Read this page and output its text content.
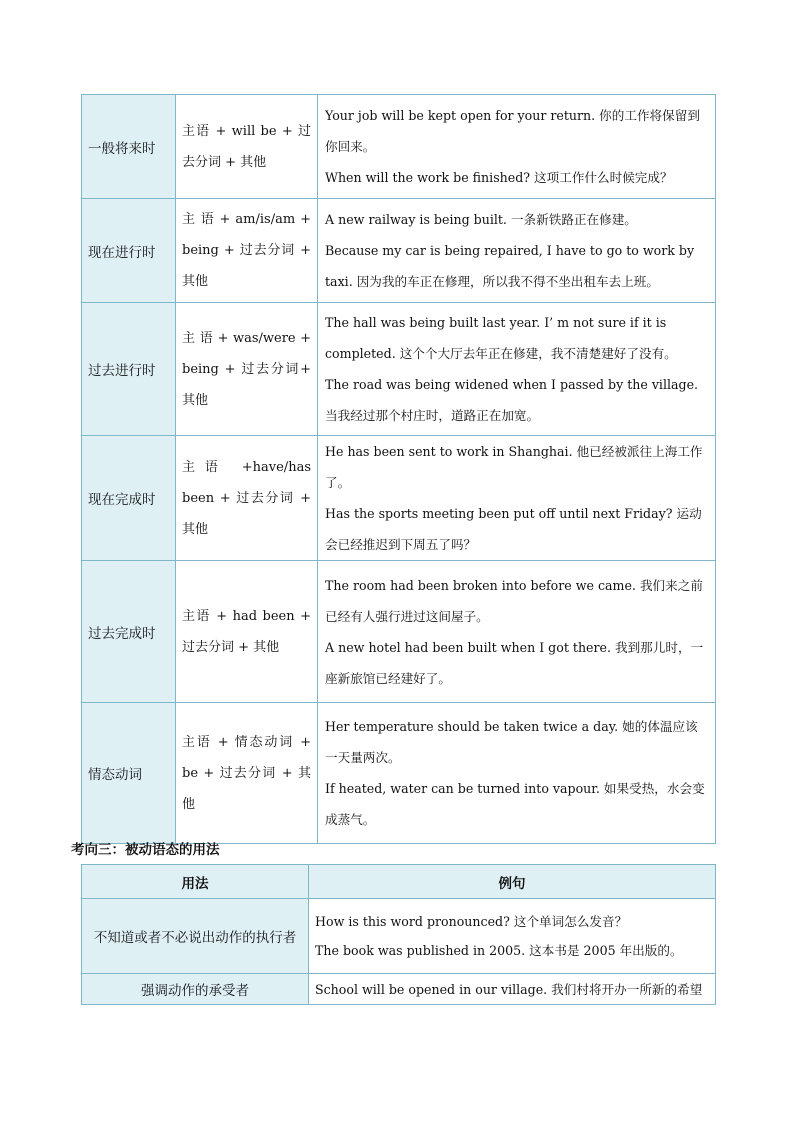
一般将来时	主语 + will be + 过去分词 + 其他	Your job will be kept open for your return. 你的工作将保留到你回来。

When will the work be finished? 这项工作什么时候完成？

现在进行时	主 语 + am/is/am + being + 过去分词 + 其他	A new railway is being built. 一条新铁路正在修建。

Because my car is being repaired, I have to go to work by taxi. 因为我的车正在修理，所以我不得不坐出租车去上班。

过去进行时	主 语 + was/were + being + 过去分词+ 其他	The hall was being built last year. I’ m not sure if it is completed. 这个个大厅去年正在修建，我不清楚建好了没有。

The road was being widened when I passed by the village. 当我经过那个村庄时，道路正在加宽。

现在完成时	主语 +have/has been + 过去分词 + 其他	He has been sent to work in Shanghai. 他已经被派往上海工作了。

Has the sports meeting been put off until next Friday? 运动会已经推迟到下周五了吗？

过去完成时	主语 + had been + 过去分词 + 其他	The room had been broken into before we came. 我们来之前已经有人强行进过这间屋子。

A new hotel had been built when I got there. 我到那儿时，一座新旅馆已经建好了。

情态动词	主语 + 情态动词 + be + 过去分词 + 其他	Her temperature should be taken twice a day. 她的体温应该一天量两次。

If heated, water can be turned into vapour. 如果受热，水会变成蒸气。

考向三：被动语态的用法

用法	例句
不知道或者不必说出动作的执行者	How is this word pronounced? 这个单词怎么发音？
The book was published in 2005. 这本书是 2005 年出版的。

强调动作的承受者	School will be opened in our village. 我们村将开办一所新的希望
